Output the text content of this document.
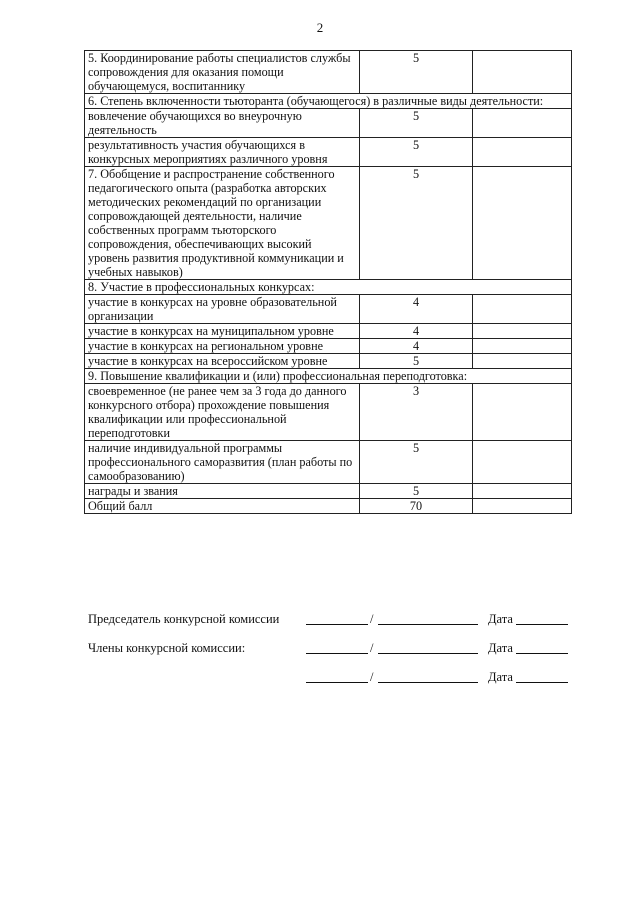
2
5. Координирование работы специалистов службы сопровождения для оказания помощи обучающемуся, воспитаннику	5	
6. Степень включенности тьюторанта (обучающегося) в различные виды деятельности:		
вовлечение обучающихся во внеурочную деятельность	5	
результативность участия обучающихся в конкурсных мероприятиях различного уровня	5	
7. Обобщение и распространение собственного педагогического опыта (разработка авторских методических рекомендаций по организации сопровождающей деятельности, наличие собственных программ тьюторского сопровождения, обеспечивающих высокий уровень развития продуктивной коммуникации и учебных навыков)	5	
8. Участие в профессиональных конкурсах:		
участие в конкурсах на уровне образовательной организации	4	
участие в конкурсах на муниципальном уровне	4	
участие в конкурсах на региональном уровне	4	
участие в конкурсах на всероссийском уровне	5	
9. Повышение квалификации и (или) профессиональная переподготовка:		
своевременное (не ранее чем за 3 года до данного конкурсного отбора) прохождение повышения квалификации или профессиональной переподготовки	3	
наличие индивидуальной программы профессионального саморазвития (план работы по самообразованию)	5	
награды и звания	5	
Общий балл	70	
Председатель конкурсной комиссии	/	Дата
Члены конкурсной комиссии:	/	Дата
/	Дата
